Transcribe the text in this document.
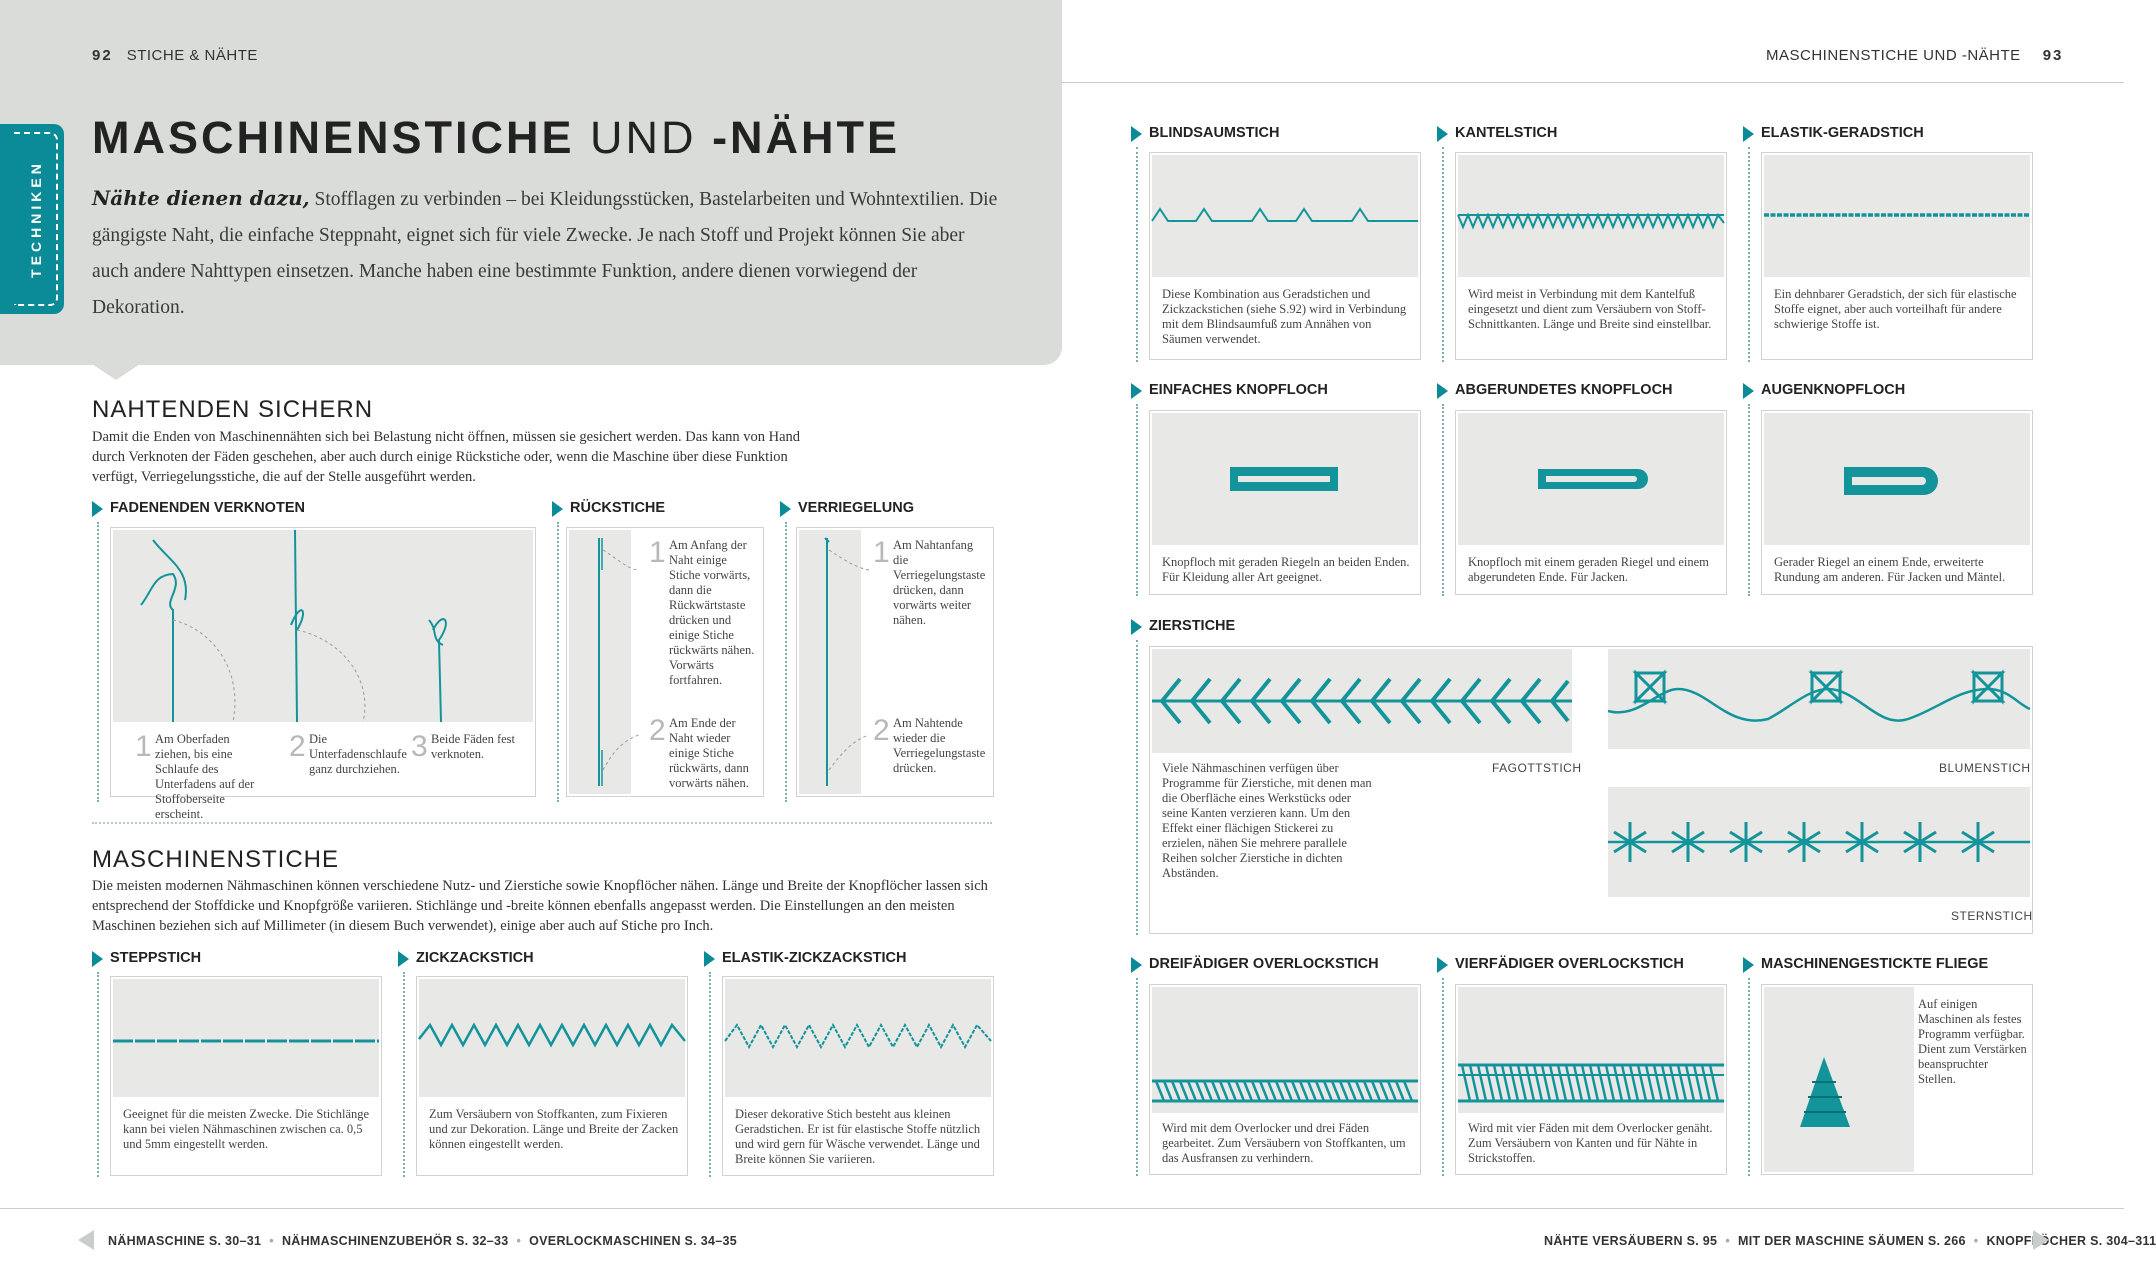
92 STICHE & NÄHTE
TECHNIKEN
MASCHINENSTICHE UND -NÄHTE
Nähte dienen dazu, Stofflagen zu verbinden – bei Kleidungsstücken, Bastelarbeiten und Wohntextilien. Die gängigste Naht, die einfache Steppnaht, eignet sich für viele Zwecke. Je nach Stoff und Projekt können Sie aber auch andere Nahttypen einsetzen. Manche haben eine bestimmte Funktion, andere dienen vorwiegend der Dekoration.
NAHTENDEN SICHERN
Damit die Enden von Maschinennähten sich bei Belastung nicht öffnen, müssen sie gesichert werden. Das kann von Hand durch Verknoten der Fäden geschehen, aber auch durch einige Rückstiche oder, wenn die Maschine über diese Funktion verfügt, Verriegelungsstiche, die auf der Stelle ausgeführt werden.
FADENENDEN VERKNOTEN
1 Am Oberfaden ziehen, bis eine Schlaufe des Unterfadens auf der Stoffoberseite erscheint.
2 Die Unterfadenschlaufe ganz durchziehen.
3 Beide Fäden fest verknoten.
RÜCKSTICHE
1 Am Anfang der Naht einige Stiche vorwärts, dann die Rückwärtstaste drücken und einige Stiche rückwärts nähen. Vorwärts fortfahren.
2 Am Ende der Naht wieder einige Stiche rückwärts, dann vorwärts nähen.
VERRIEGELUNG
1 Am Nahtanfang die Verriegelungstaste drücken, dann vorwärts weiter nähen.
2 Am Nahtende wieder die Verriegelungstaste drücken.
MASCHINENSTICHE
Die meisten modernen Nähmaschinen können verschiedene Nutz- und Zierstiche sowie Knopflöcher nähen. Länge und Breite der Knopflöcher lassen sich entsprechend der Stoffdicke und Knopfgröße variieren. Stichlänge und -breite können ebenfalls angepasst werden. Die Einstellungen an den meisten Maschinen beziehen sich auf Millimeter (in diesem Buch verwendet), einige aber auch auf Stiche pro Inch.
STEPPSTICH
Geeignet für die meisten Zwecke. Die Stichlänge kann bei vielen Nähmaschinen zwischen ca. 0,5 und 5mm eingestellt werden.
ZICKZACKSTICH
Zum Versäubern von Stoffkanten, zum Fixieren und zur Dekoration. Länge und Breite der Zacken können eingestellt werden.
ELASTIK-ZICKZACKSTICH
Dieser dekorative Stich besteht aus kleinen Geradstichen. Er ist für elastische Stoffe nützlich und wird gern für Wäsche verwendet. Länge und Breite können Sie variieren.
MASCHINENSTICHE UND -NÄHTE 93
BLINDSAUMSTICH
Diese Kombination aus Geradstichen und Zickzackstichen (siehe S.92) wird in Verbindung mit dem Blindsaumfuß zum Annähen von Säumen verwendet.
KANTELSTICH
Wird meist in Verbindung mit dem Kantelfuß eingesetzt und dient zum Versäubern von Stoff-Schnittkanten. Länge und Breite sind einstellbar.
ELASTIK-GERADSTICH
Ein dehnbarer Geradstich, der sich für elastische Stoffe eignet, aber auch vorteilhaft für andere schwierige Stoffe ist.
EINFACHES KNOPFLOCH
Knopfloch mit geraden Riegeln an beiden Enden. Für Kleidung aller Art geeignet.
ABGERUNDETES KNOPFLOCH
Knopfloch mit einem geraden Riegel und einem abgerundeten Ende. Für Jacken.
AUGENKNOPFLOCH
Gerader Riegel an einem Ende, erweiterte Rundung am anderen. Für Jacken und Mäntel.
ZIERSTICHE
FAGOTTSTICH	BLUMENSTICH
Viele Nähmaschinen verfügen über Programme für Zierstiche, mit denen man die Oberfläche eines Werkstücks oder seine Kanten verzieren kann. Um den Effekt einer flächigen Stickerei zu erzielen, nähen Sie mehrere parallele Reihen solcher Zierstiche in dichten Abständen.
STERNSTICH
DREIFÄDIGER OVERLOCKSTICH
Wird mit dem Overlocker und drei Fäden gearbeitet. Zum Versäubern von Stoffkanten, um das Ausfransen zu verhindern.
VIERFÄDIGER OVERLOCKSTICH
Wird mit vier Fäden mit dem Overlocker genäht. Zum Versäubern von Kanten und für Nähte in Strickstoffen.
MASCHINENGESTICKTE FLIEGE
Auf einigen Maschinen als festes Programm verfügbar. Dient zum Verstärken beanspruchter Stellen.
NÄHMASCHINE S. 30–31 • NÄHMASCHINENZUBEHÖR S. 32–33 • OVERLOCKMASCHINEN S. 34–35	NÄHTE VERSÄUBERN S. 95 • MIT DER MASCHINE SÄUMEN S. 266 • KNOPFLÖCHER S. 304–311
